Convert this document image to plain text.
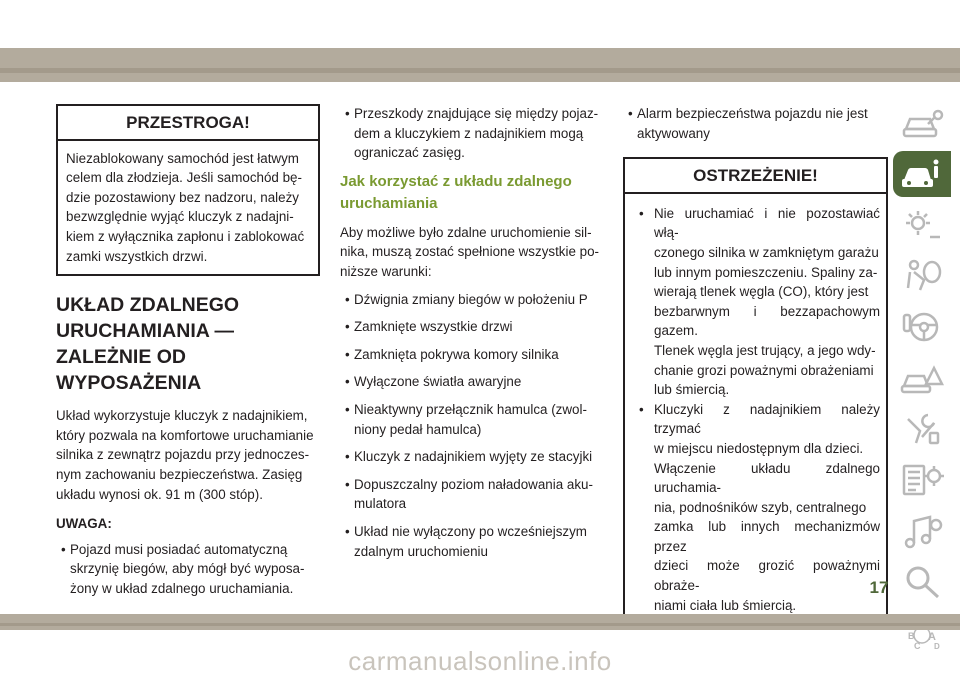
PRZESTROGA!

Niezablokowany samochód jest łatwym

celem dla złodzieja. Jeśli samochód bę-

dzie pozostawiony bez nadzoru, należy

bezwzględnie wyjąć kluczyk z nadajni-

kiem z wyłącznika zapłonu i zablokować

zamki wszystkich drzwi.

UKŁAD ZDALNEGO
URUCHAMIANIA —
ZALEŻNIE OD
WYPOSAŻENIA

Układ wykorzystuje kluczyk z nadajnikiem,
który pozwala na komfortowe uruchamianie
silnika z zewnątrz pojazdu przy jednoczes-
nym zachowaniu bezpieczeństwa. Zasięg
układu wynosi ok. 91 m (300 stóp).

UWAGA:

• Pojazd musi posiadać automatyczną
skrzynię biegów, aby mógł być wyposa-
żony w układ zdalnego uruchamiania.

• Przeszkody znajdujące się między pojaz-
dem a kluczykiem z nadajnikiem mogą
ograniczać zasięg.

Jak korzystać z układu zdalnego
uruchamiania

Aby możliwe było zdalne uruchomienie sil-
nika, muszą zostać spełnione wszystkie po-
niższe warunki:

• Dźwignia zmiany biegów w położeniu P

• Zamknięte wszystkie drzwi

• Zamknięta pokrywa komory silnika

• Wyłączone światła awaryjne

• Nieaktywny przełącznik hamulca (zwol-
niony pedał hamulca)

• Kluczyk z nadajnikiem wyjęty ze stacyjki

• Dopuszczalny poziom naładowania aku-
mulatora

• Układ nie wyłączony po wcześniejszym
zdalnym uruchomieniu

• Alarm bezpieczeństwa pojazdu nie jest
aktywowany

OSTRZEŻENIE!
• Nie uruchamiać i nie pozostawiać włą-
czonego silnika w zamkniętym garażu
lub innym pomieszczeniu. Spaliny za-
wierają tlenek węgla (CO), który jest
bezbarwnym i bezzapachowym gazem.
Tlenek węgla jest trujący, a jego wdy-
chanie grozi poważnymi obrażeniami
lub śmiercią.
• Kluczyki z nadajnikiem należy trzymać
w miejscu niedostępnym dla dzieci.
Włączenie układu zdalnego uruchamia-
nia, podnośników szyb, centralnego
zamka lub innych mechanizmów przez
dzieci może grozić poważnymi obraże-
niami ciała lub śmiercią.
B A
C D
17
carmanualsonline.info
